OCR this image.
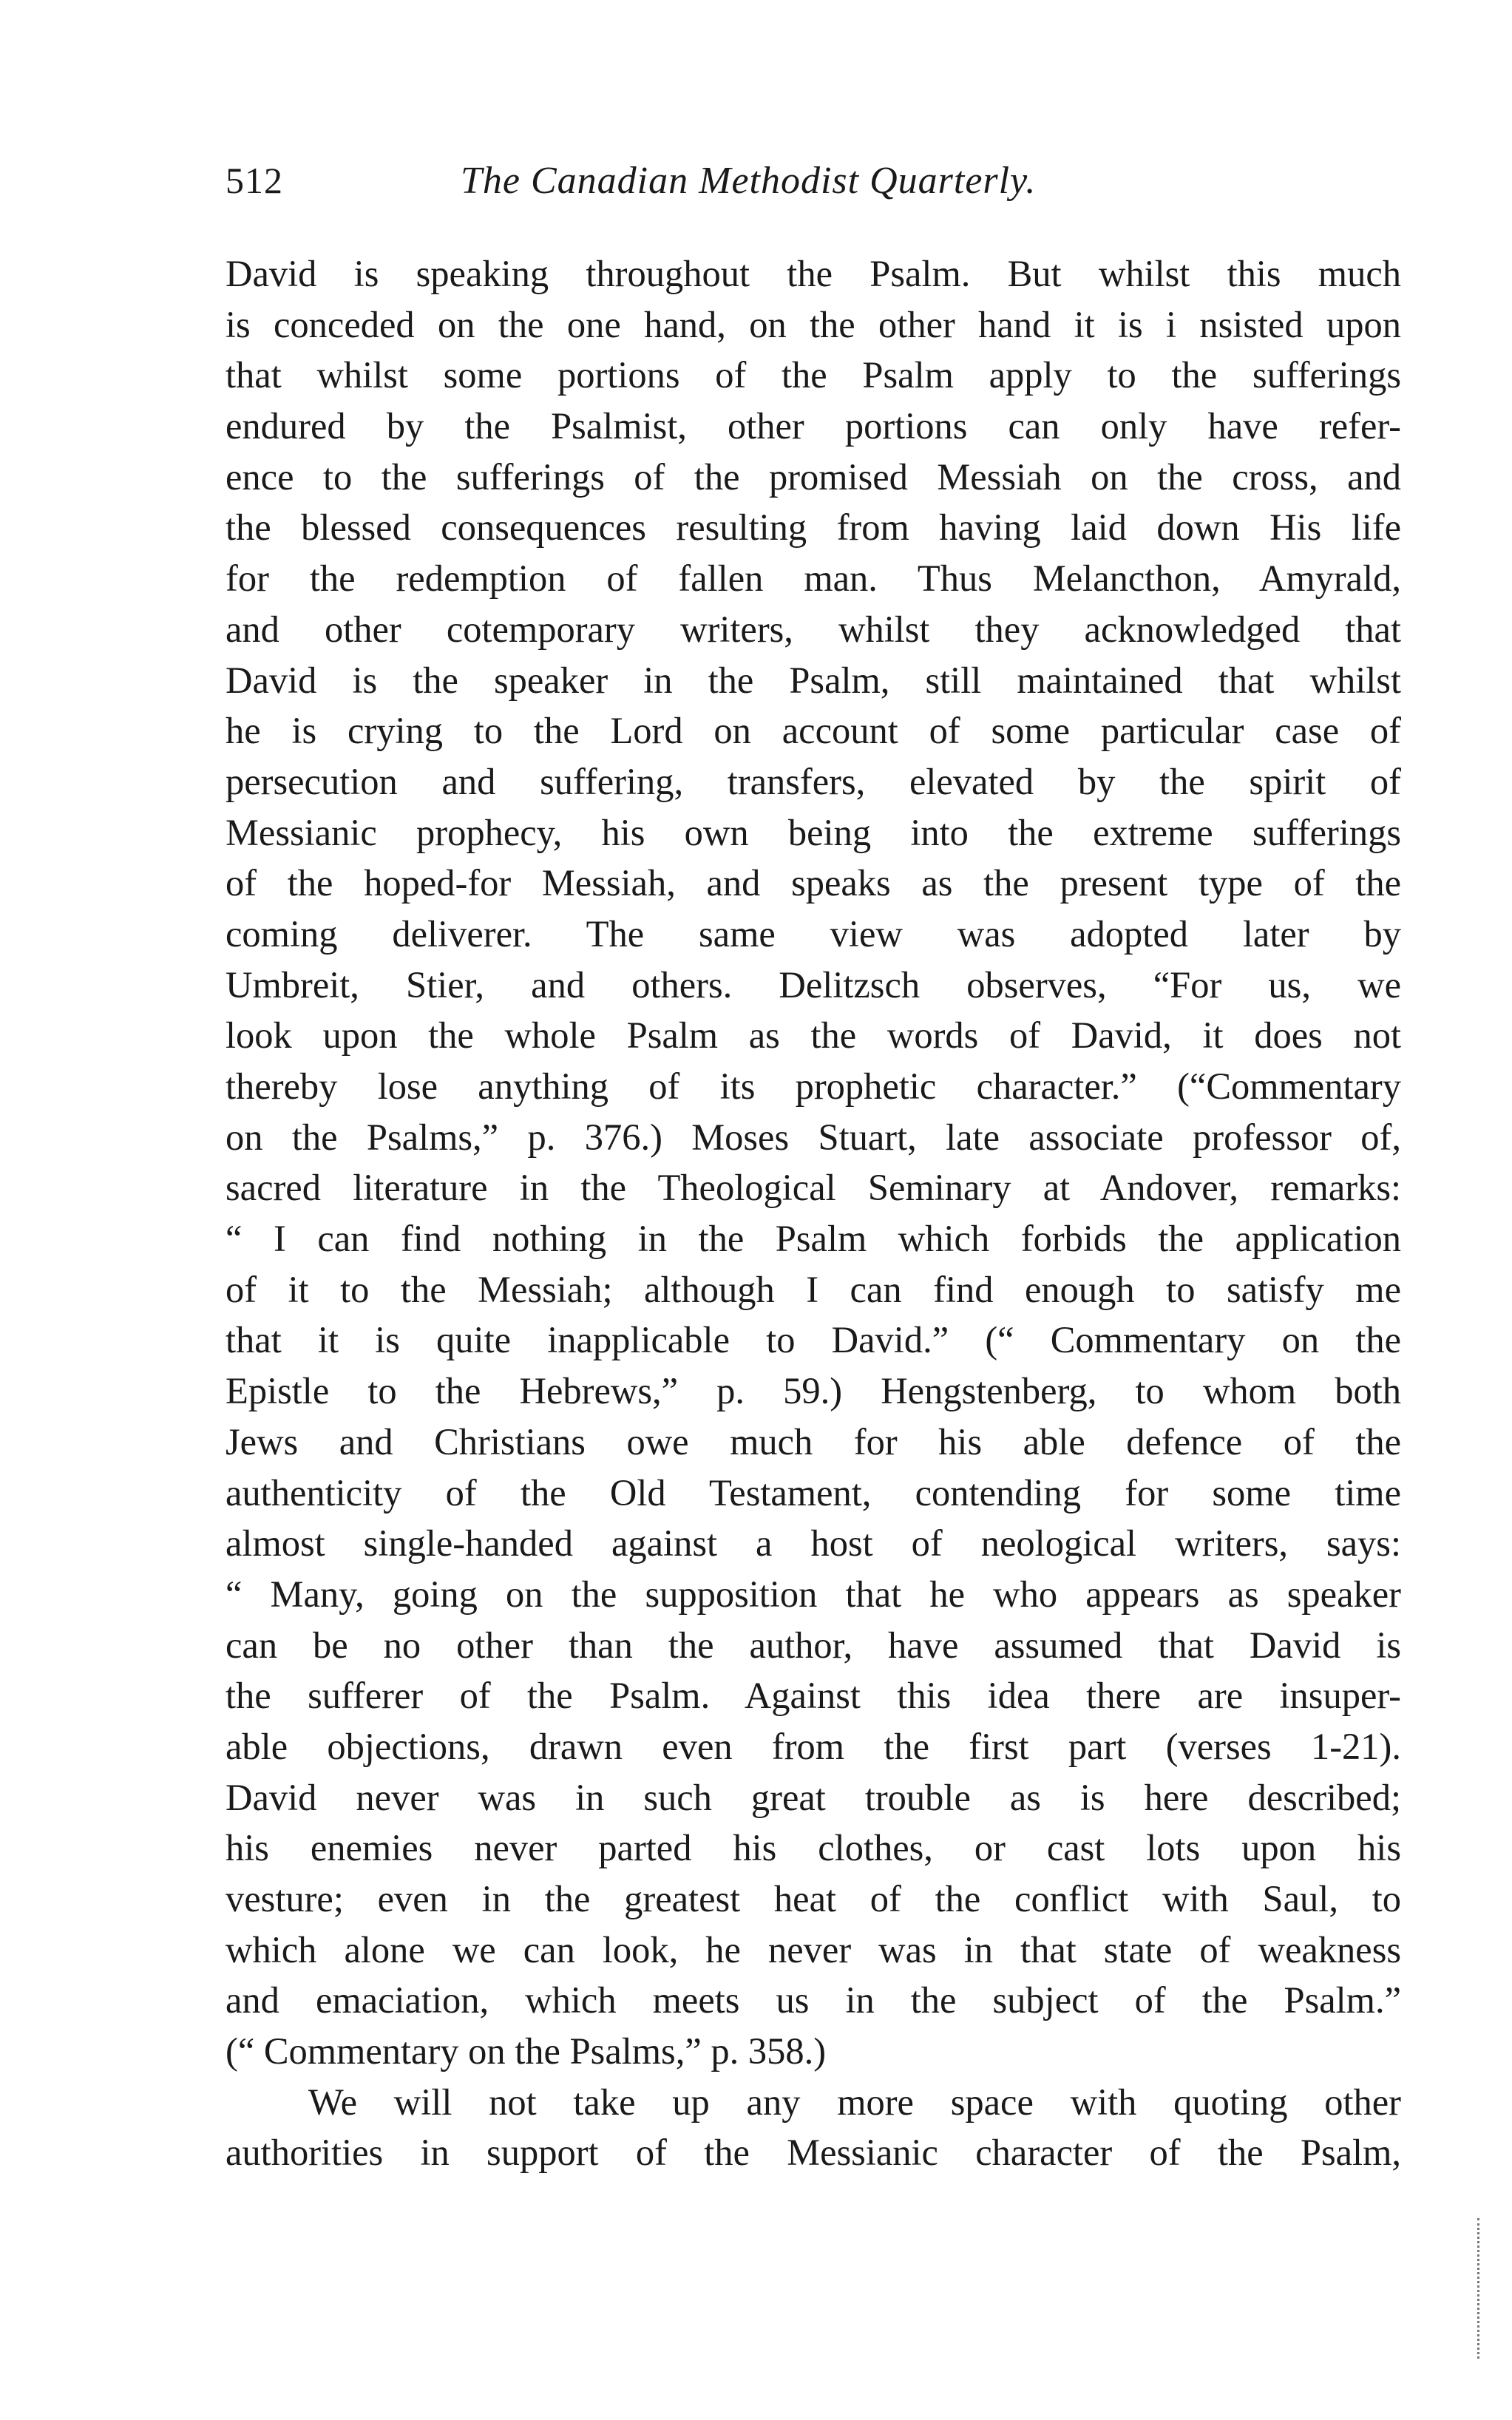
512	The Canadian Methodist Quarterly.
David is speaking throughout the Psalm. But whilst this much
is conceded on the one hand, on the other hand it is i nsisted upon
that whilst some portions of the Psalm apply to the sufferings
endured by the Psalmist, other portions can only have refer-
ence to the sufferings of the promised Messiah on the cross, and
the blessed consequences resulting from having laid down His life
for the redemption of fallen man. Thus Melancthon, Amyrald,
and other cotemporary writers, whilst they acknowledged that
David is the speaker in the Psalm, still maintained that whilst
he is crying to the Lord on account of some particular case of
persecution and suffering, transfers, elevated by the spirit of
Messianic prophecy, his own being into the extreme sufferings
of the hoped-for Messiah, and speaks as the present type of the
coming deliverer. The same view was adopted later by
Umbreit, Stier, and others. Delitzsch observes, “For us, we
look upon the whole Psalm as the words of David, it does not
thereby lose anything of its prophetic character.” (“Commentary
on the Psalms,” p. 376.) Moses Stuart, late associate professor of,
sacred literature in the Theological Seminary at Andover, remarks:
“ I can find nothing in the Psalm which forbids the application
of it to the Messiah; although I can find enough to satisfy me
that it is quite inapplicable to David.” (“ Commentary on the
Epistle to the Hebrews,” p. 59.) Hengstenberg, to whom both
Jews and Christians owe much for his able defence of the
authenticity of the Old Testament, contending for some time
almost single-handed against a host of neological writers, says:
“ Many, going on the supposition that he who appears as speaker
can be no other than the author, have assumed that David is
the sufferer of the Psalm. Against this idea there are insuper-
able objections, drawn even from the first part (verses 1-21).
David never was in such great trouble as is here described;
his enemies never parted his clothes, or cast lots upon his
vesture; even in the greatest heat of the conflict with Saul, to
which alone we can look, he never was in that state of weakness
and emaciation, which meets us in the subject of the Psalm.”
(“ Commentary on the Psalms,” p. 358.)
We will not take up any more space with quoting other
authorities in support of the Messianic character of the Psalm,
